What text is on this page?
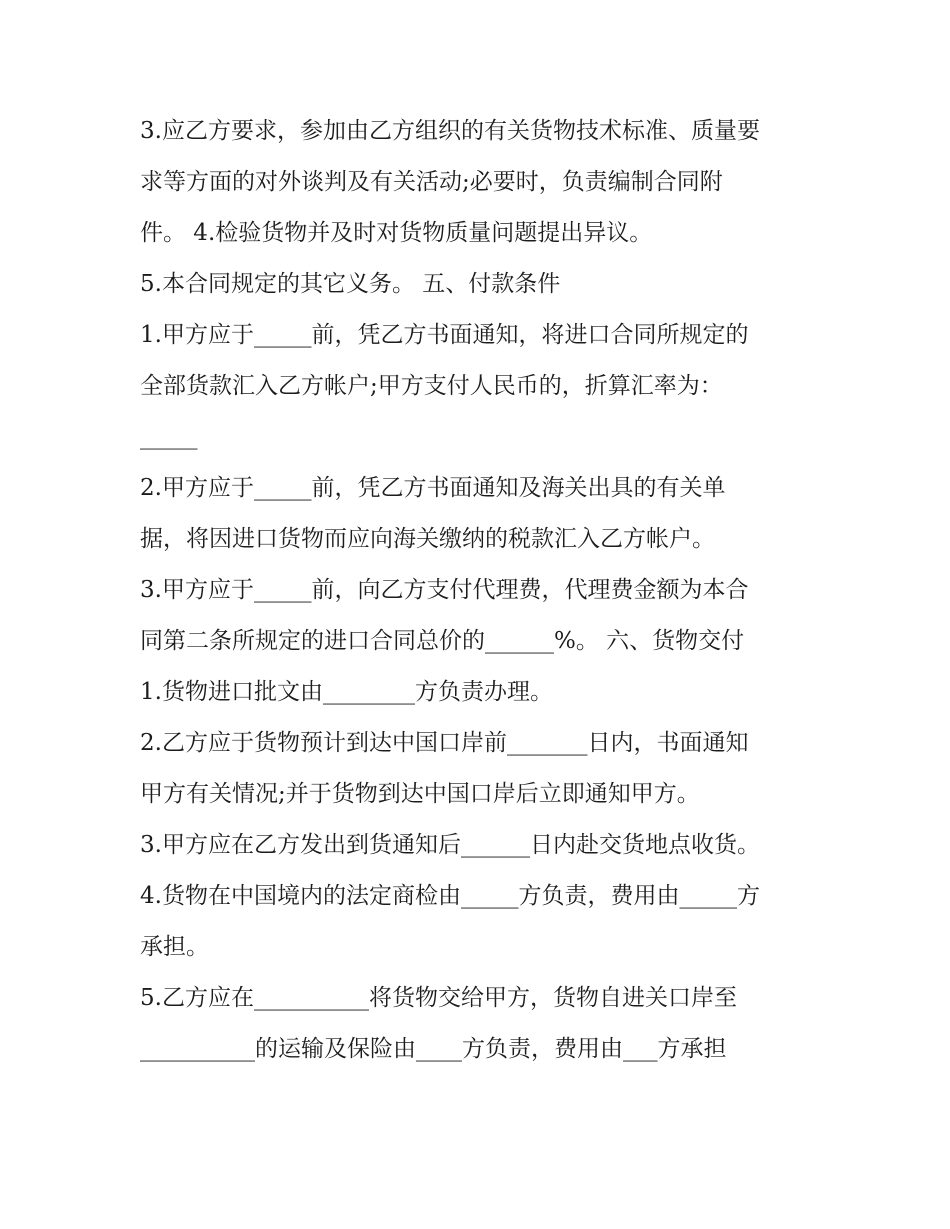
3.应乙方要求，参加由乙方组织的有关货物技术标准、质量要
求等方面的对外谈判及有关活动;必要时，负责编制合同附
件。 4.检验货物并及时对货物质量问题提出异议。
5.本合同规定的其它义务。 五、付款条件
1.甲方应于_____前，凭乙方书面通知，将进口合同所规定的
全部货款汇入乙方帐户;甲方支付人民币的，折算汇率为：
_____
2.甲方应于_____前，凭乙方书面通知及海关出具的有关单
据，将因进口货物而应向海关缴纳的税款汇入乙方帐户。
3.甲方应于_____前，向乙方支付代理费，代理费金额为本合
同第二条所规定的进口合同总价的______%。 六、货物交付
1.货物进口批文由________方负责办理。
2.乙方应于货物预计到达中国口岸前_______日内，书面通知
甲方有关情况;并于货物到达中国口岸后立即通知甲方。
3.甲方应在乙方发出到货通知后______日内赴交货地点收货。
4.货物在中国境内的法定商检由_____方负责，费用由_____方
承担。
5.乙方应在__________将货物交给甲方，货物自进关口岸至
__________的运输及保险由____方负责，费用由___方承担
